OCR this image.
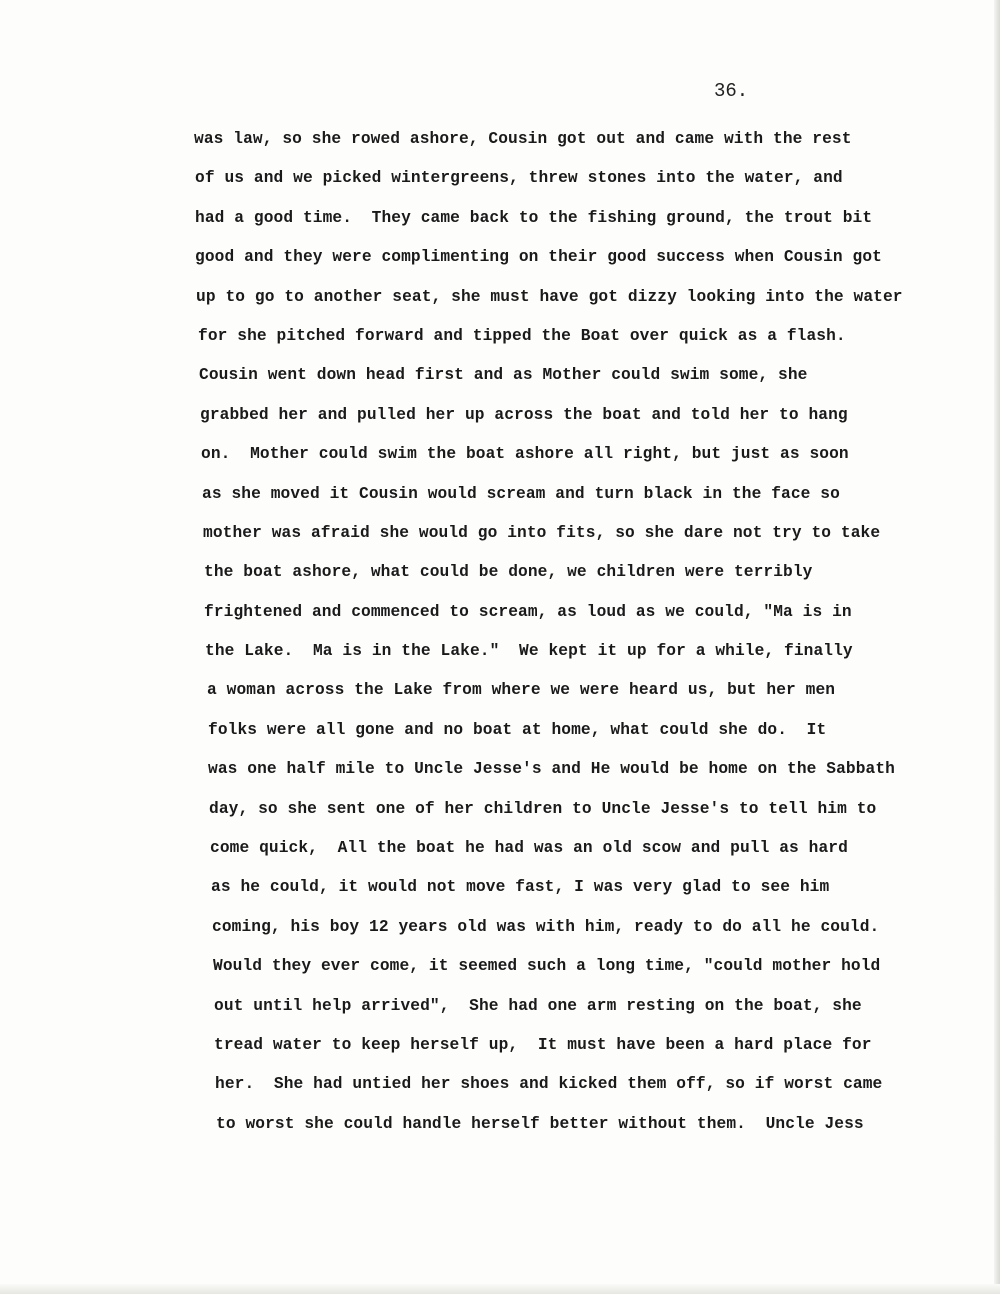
36.
was law, so she rowed ashore, Cousin got out and came with the rest
of us and we picked wintergreens, threw stones into the water, and
had a good time.  They came back to the fishing ground, the trout bit
good and they were complimenting on their good success when Cousin got
up to go to another seat, she must have got dizzy looking into the water
for she pitched forward and tipped the Boat over quick as a flash.
Cousin went down head first and as Mother could swim some, she
grabbed her and pulled her up across the boat and told her to hang
on.  Mother could swim the boat ashore all right, but just as soon
as she moved it Cousin would scream and turn black in the face so
mother was afraid she would go into fits, so she dare not try to take
the boat ashore, what could be done, we children were terribly
frightened and commenced to scream, as loud as we could, "Ma is in
the Lake.  Ma is in the Lake."  We kept it up for a while, finally
a woman across the Lake from where we were heard us, but her men
folks were all gone and no boat at home, what could she do.  It
was one half mile to Uncle Jesse's and He would be home on the Sabbath
day, so she sent one of her children to Uncle Jesse's to tell him to
come quick,  All the boat he had was an old scow and pull as hard
as he could, it would not move fast, I was very glad to see him
coming, his boy 12 years old was with him, ready to do all he could.
Would they ever come, it seemed such a long time, "could mother hold
out until help arrived",  She had one arm resting on the boat, she
tread water to keep herself up,  It must have been a hard place for
her.  She had untied her shoes and kicked them off, so if worst came
to worst she could handle herself better without them.  Uncle Jess
